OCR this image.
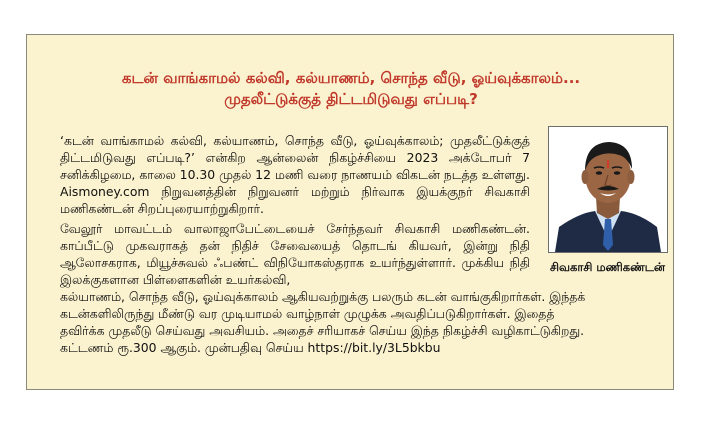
கடன் வாங்காமல் கல்வி, கல்யாணம், சொந்த வீடு, ஓய்வுக்காலம்...
முதலீட்டுக்குத் திட்டமிடுவது எப்படி?
‘கடன் வாங்காமல் கல்வி, கல்யாணம், சொந்த வீடு, ஓய்வுக்காலம்; முதலீட்டுக்குத் திட்டமிடுவது எப்படி?’ என்கிற ஆன்லைன் நிகழ்ச்சியை 2023 அக்டோபர் 7 சனிக்கிழமை, காலை 10.30 முதல் 12 மணி வரை நாணயம் விகடன் நடத்த உள்ளது. Aismoney.com நிறுவனத்தின் நிறுவனர் மற்றும் நிர்வாக இயக்குநர் சிவகாசி மணிகண்டன் சிறப்புரையாற்றுகிறார்.
வேலூர் மாவட்டம் வாலாஜாபேட்டையைச் சேர்ந்தவர் சிவகாசி மணிகண்டன். காப்பீட்டு முகவராகத் தன் நிதிச் சேவையைத் தொடங் கியவர், இன்று நிதி ஆலோசகராக, மியூச்சுவல் ஃபண்ட் விநியோகஸ்தராக உயர்ந்துள்ளார். முக்கிய நிதி இலக்குகளான பிள்ளைகளின் உயர்கல்வி,
கல்யாணம், சொந்த வீடு, ஓய்வுக்காலம் ஆகியவற்றுக்கு பலரும் கடன் வாங்குகிறார்கள். இந்தக்
கடன்களிலிருந்து மீண்டு வர முடியாமல் வாழ்நாள் முழுக்க அவதிப்படுகிறார்கள். இதைத்
தவிர்க்க முதலீடு செய்வது அவசியம். அதைச் சரியாகச் செய்ய இந்த நிகழ்ச்சி வழிகாட்டுகிறது.
கட்டணம் ரூ.300 ஆகும். முன்பதிவு செய்ய https://bit.ly/3L5bkbu
சிவகாசி மணிகண்டன்
